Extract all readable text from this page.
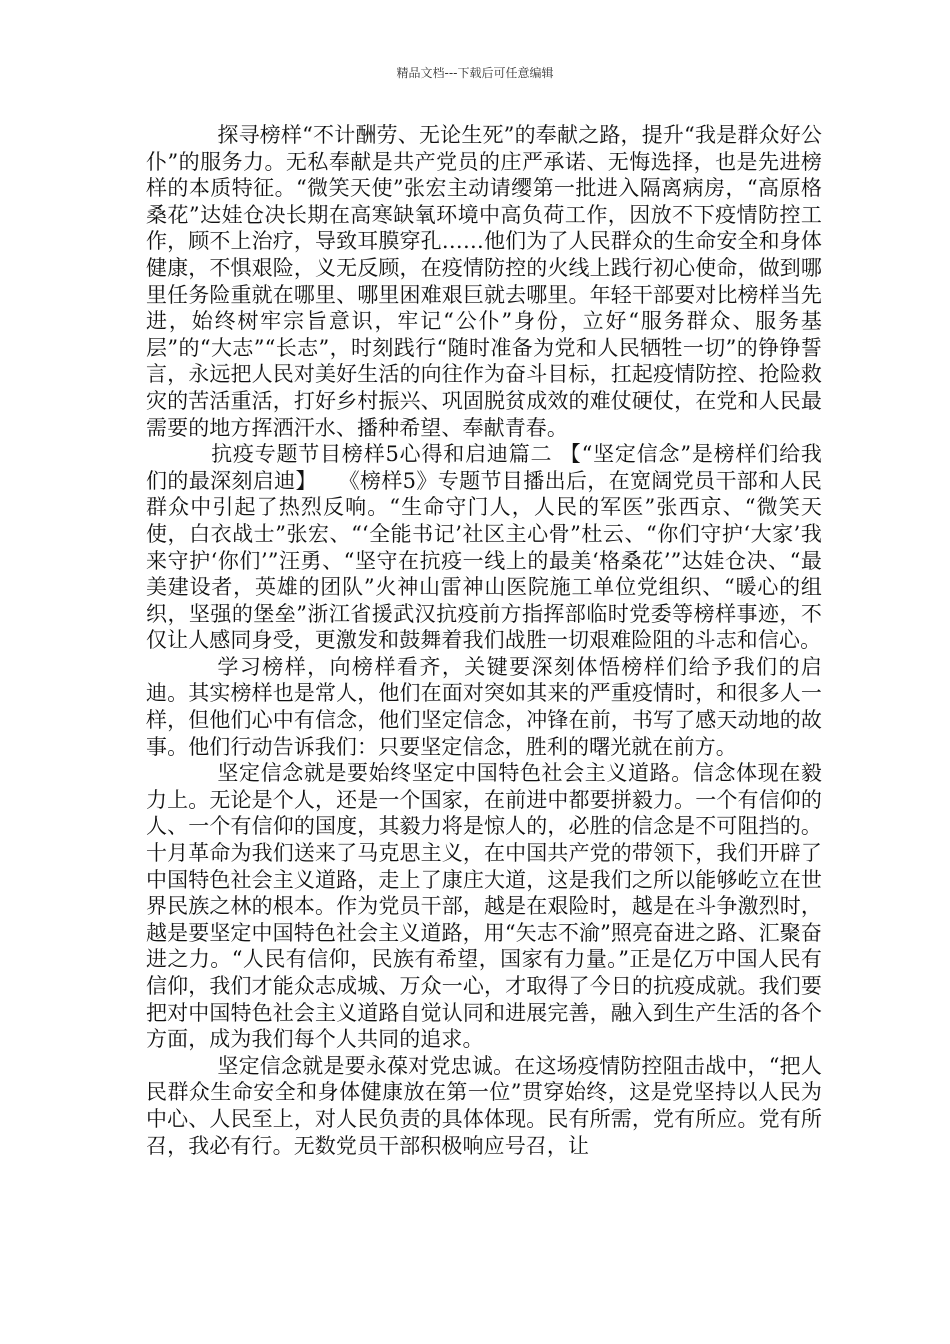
精品文档---下载后可任意编辑

探寻榜样“不计酬劳、无论生死”的奉献之路，提升“我是群众好公仆”的服务力。无私奉献是共产党员的庄严承诺、无悔选择，也是先进榜样的本质特征。“微笑天使”张宏主动请缨第一批进入隔离病房，“高原格桑花”达娃仓决长期在高寒缺氧环境中高负荷工作，因放不下疫情防控工作，顾不上治疗，导致耳膜穿孔……他们为了人民群众的生命安全和身体健康，不惧艰险，义无反顾，在疫情防控的火线上践行初心使命，做到哪里任务险重就在哪里、哪里困难艰巨就去哪里。年轻干部要对比榜样当先进，始终树牢宗旨意识，牢记“公仆”身份，立好“服务群众、服务基层”的“大志”“长志”，时刻践行“随时准备为党和人民牺牲一切”的铮铮誓言，永远把人民对美好生活的向往作为奋斗目标，扛起疫情防控、抢险救灾的苦活重活，打好乡村振兴、巩固脱贫成效的难仗硬仗，在党和人民最需要的地方挥洒汗水、播种希望、奉献青春。

抗疫专题节目榜样5心得和启迪篇二 【“坚定信念”是榜样们给我们的最深刻启迪】　　《榜样5》专题节目播出后，在宽阔党员干部和人民群众中引起了热烈反响。“生命守门人，人民的军医”张西京、“微笑天使，白衣战士”张宏、“‘全能书记’社区主心骨”杜云、“你们守护‘大家’我来守护‘你们’”汪勇、“坚守在抗疫一线上的最美‘格桑花’”达娃仓决、“最美建设者，英雄的团队”火神山雷神山医院施工单位党组织、“暖心的组织，坚强的堡垒”浙江省援武汉抗疫前方指挥部临时党委等榜样事迹，不仅让人感同身受，更激发和鼓舞着我们战胜一切艰难险阻的斗志和信心。

学习榜样，向榜样看齐，关键要深刻体悟榜样们给予我们的启迪。其实榜样也是常人，他们在面对突如其来的严重疫情时，和很多人一样，但他们心中有信念，他们坚定信念，冲锋在前，书写了感天动地的故事。他们行动告诉我们：只要坚定信念，胜利的曙光就在前方。

坚定信念就是要始终坚定中国特色社会主义道路。信念体现在毅力上。无论是个人，还是一个国家，在前进中都要拼毅力。一个有信仰的人、一个有信仰的国度，其毅力将是惊人的，必胜的信念是不可阻挡的。十月革命为我们送来了马克思主义，在中国共产党的带领下，我们开辟了中国特色社会主义道路，走上了康庄大道，这是我们之所以能够屹立在世界民族之林的根本。作为党员干部，越是在艰险时，越是在斗争激烈时，越是要坚定中国特色社会主义道路，用“矢志不渝”照亮奋进之路、汇聚奋进之力。“人民有信仰，民族有希望，国家有力量。”正是亿万中国人民有信仰，我们才能众志成城、万众一心，才取得了今日的抗疫成就。我们要把对中国特色社会主义道路自觉认同和进展完善，融入到生产生活的各个方面，成为我们每个人共同的追求。

坚定信念就是要永葆对党忠诚。在这场疫情防控阻击战中，“把人民群众生命安全和身体健康放在第一位”贯穿始终，这是党坚持以人民为中心、人民至上，对人民负责的具体体现。民有所需，党有所应。党有所召，我必有行。无数党员干部积极响应号召，让
